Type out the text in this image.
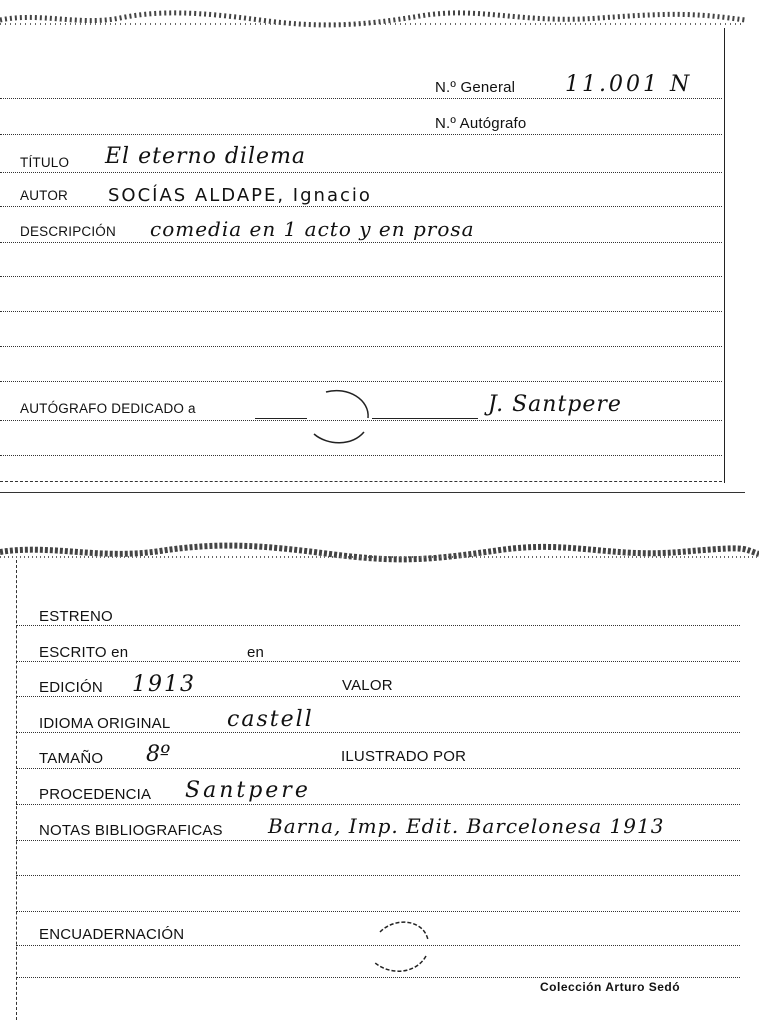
N.º General 11.001 N
N.º Autógrafo
TÍTULO El eterno dilema
AUTOR SOCÍAS ALDAPE, Ignacio
DESCRIPCIÓN comedia en 1 acto y en prosa
AUTÓGRAFO DEDICADO a	J. Santpere
ESTRENO
ESCRITO en	en
EDICIÓN 1913	VALOR
IDIOMA ORIGINAL	castell
TAMAÑO 8º	ILUSTRADO POR
PROCEDENCIA Santpere
NOTAS BIBLIOGRAFICAS Barna, Imp. Edit. Barcelonesa 1913
ENCUADERNACIÓN
Colección Arturo Sedó
